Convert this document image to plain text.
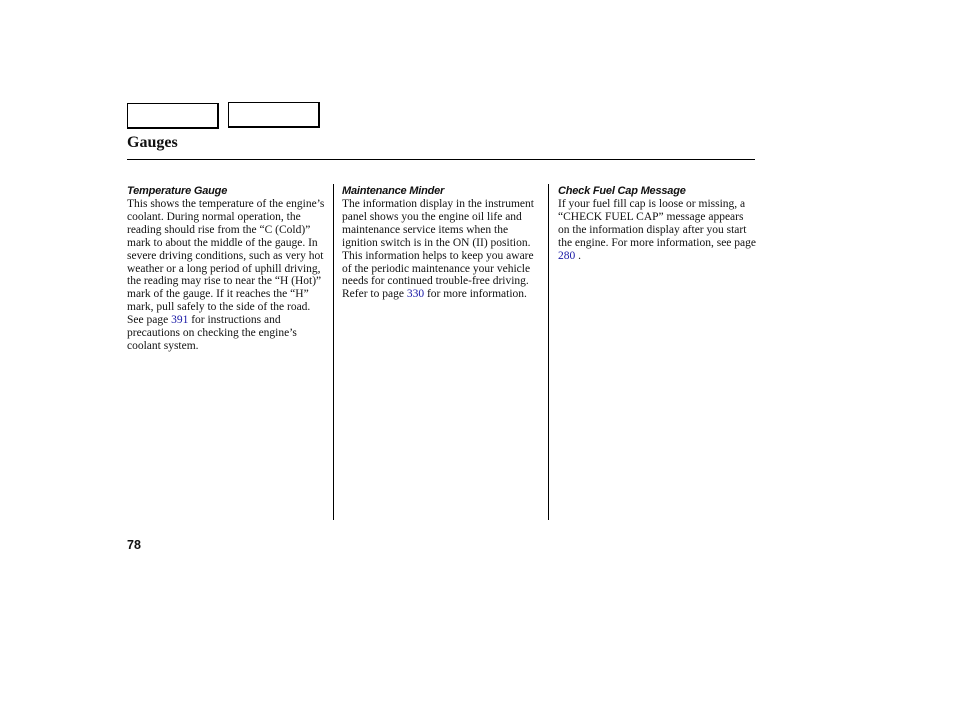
Gauges
Temperature Gauge

This shows the temperature of the engine’s coolant. During normal operation, the reading should rise from the “C (Cold)” mark to about the middle of the gauge. In severe driving conditions, such as very hot weather or a long period of uphill driving, the reading may rise to near the “H (Hot)” mark of the gauge. If it reaches the “H” mark, pull safely to the side of the road. See page 391 for instructions and precautions on checking the engine’s coolant system.

Maintenance Minder

The information display in the instrument panel shows you the engine oil life and maintenance service items when the ignition switch is in the ON (II) position. This information helps to keep you aware of the periodic maintenance your vehicle needs for continued trouble-free driving. Refer to page 330 for more information.

Check Fuel Cap Message

If your fuel fill cap is loose or missing, a “CHECK FUEL CAP” message appears on the information display after you start the engine. For more information, see page 280 .

78
